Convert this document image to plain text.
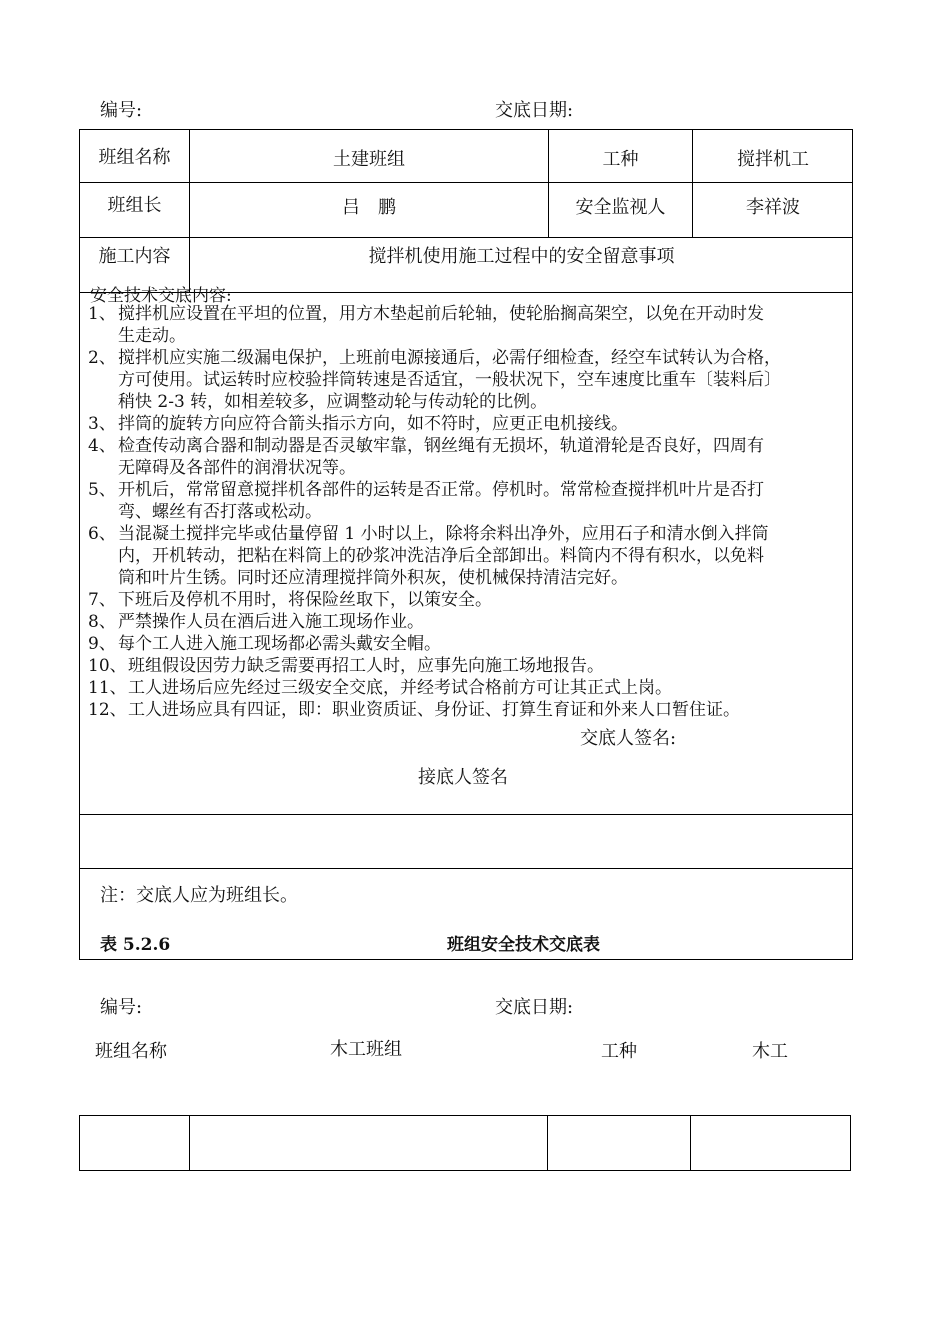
编号:	交底日期:
班组名称	土建班组	工种	搅拌机工
班组长	吕　鹏	安全监视人	李祥波
施工内容	搅拌机使用施工过程中的安全留意事项
安全技术交底内容:
1、 搅拌机应设置在平坦的位置，用方木垫起前后轮轴，使轮胎搁高架空，以免在开动时发
生走动。
2、 搅拌机应实施二级漏电保护，上班前电源接通后，必需仔细检查，经空车试转认为合格，
方可使用。试运转时应校验拌筒转速是否适宜，一般状况下，空车速度比重车〔装料后〕
稍快 2-3 转，如相差较多，应调整动轮与传动轮的比例。
3、 拌筒的旋转方向应符合箭头指示方向，如不符时，应更正电机接线。
4、 检查传动离合器和制动器是否灵敏牢靠，钢丝绳有无损坏，轨道滑轮是否良好，四周有
无障碍及各部件的润滑状况等。
5、 开机后，常常留意搅拌机各部件的运转是否正常。停机时。常常检查搅拌机叶片是否打
弯、螺丝有否打落或松动。
6、 当混凝土搅拌完毕或估量停留 1 小时以上，除将余料出净外，应用石子和清水倒入拌筒
内，开机转动，把粘在料筒上的砂浆冲洗洁净后全部卸出。料筒内不得有积水，以免料
筒和叶片生锈。同时还应清理搅拌筒外积灰，使机械保持清洁完好。
7、 下班后及停机不用时，将保险丝取下，以策安全。
8、 严禁操作人员在酒后进入施工现场作业。
9、 每个工人进入施工现场都必需头戴安全帽。
10、 班组假设因劳力缺乏需要再招工人时，应事先向施工场地报告。
11、 工人进场后应先经过三级安全交底，并经考试合格前方可让其正式上岗。
12、 工人进场应具有四证，即：职业资质证、身份证、打算生育证和外来人口暂住证。
交底人签名:
接底人签名
注：交底人应为班组长。
表 5.2.6	班组安全技术交底表
编号:	交底日期:
班组名称	木工班组	工种	木工
